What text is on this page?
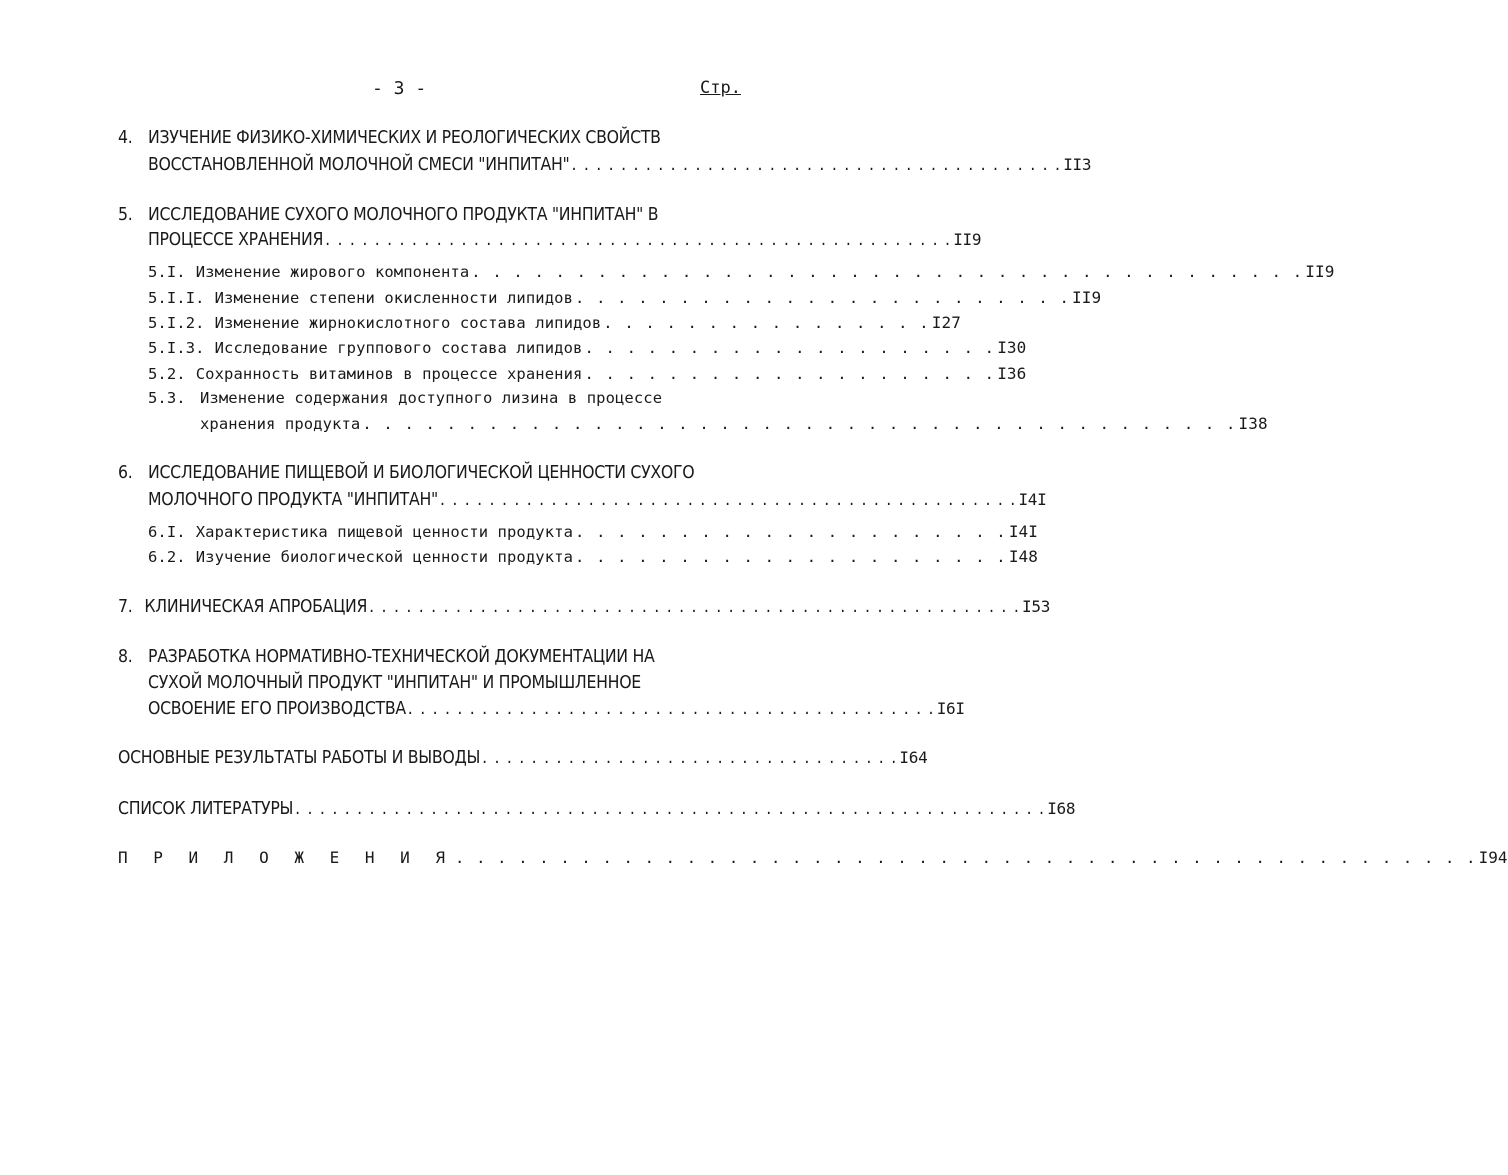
- 3 -	Стр.
4. ИЗУЧЕНИЕ ФИЗИКО-ХИМИЧЕСКИХ И РЕОЛОГИЧЕСКИХ СВОЙСТВ
ВОССТАНОВЛЕННОЙ МОЛОЧНОЙ СМЕСИ "ИНПИТАН" . . . . . . . . . . . . . . . . . . . . . . . . . . . . . . . . . . . . . . . . II3
5. ИССЛЕДОВАНИЕ СУХОГО МОЛОЧНОГО ПРОДУКТА "ИНПИТАН" В
ПРОЦЕССЕ ХРАНЕНИЯ . . . . . . . . . . . . . . . . . . . . . . . . . . . . . . . . . . . . . . . . . . . . . . . . . . . II9
5.I. Изменение жирового компонента . . . . . . . . . . . . . . . . . . . . . . . . . . . . . . . . . . . . . . . . II9
5.I.I. Изменение степени окисленности липидов . . . . . . . . . . . . . . . . . . . . . . . . II9
5.I.2. Изменение жирнокислотного состава липидов . . . . . . . . . . . . . . . . I27
5.I.3. Исследование группового состава липидов . . . . . . . . . . . . . . . . . . . . I30
5.2. Сохранность витаминов в процессе хранения . . . . . . . . . . . . . . . . . . . . I36
5.3. Изменение содержания доступного лизина в процессе
хранения продукта . . . . . . . . . . . . . . . . . . . . . . . . . . . . . . . . . . . . . . . . . . I38
6. ИССЛЕДОВАНИЕ ПИЩЕВОЙ И БИОЛОГИЧЕСКОЙ ЦЕННОСТИ СУХОГО
МОЛОЧНОГО ПРОДУКТА "ИНПИТАН" . . . . . . . . . . . . . . . . . . . . . . . . . . . . . . . . . . . . . . . . . . . . . . . I4I
6.I. Характеристика пищевой ценности продукта . . . . . . . . . . . . . . . . . . . . . I4I
6.2. Изучение биологической ценности продукта . . . . . . . . . . . . . . . . . . . . . I48
7. КЛИНИЧЕСКАЯ АПРОБАЦИЯ . . . . . . . . . . . . . . . . . . . . . . . . . . . . . . . . . . . . . . . . . . . . . . . . . . . . . I53
8. РАЗРАБОТКА НОРМАТИВНО-ТЕХНИЧЕСКОЙ ДОКУМЕНТАЦИИ НА
СУХОЙ МОЛОЧНЫЙ ПРОДУКТ "ИНПИТАН" И ПРОМЫШЛЕННОЕ
ОСВОЕНИЕ ЕГО ПРОИЗВОДСТВА . . . . . . . . . . . . . . . . . . . . . . . . . . . . . . . . . . . . . . . . . . . I6I
ОСНОВНЫЕ РЕЗУЛЬТАТЫ РАБОТЫ И ВЫВОДЫ . . . . . . . . . . . . . . . . . . . . . . . . . . . . . . . . . . I64
СПИСОК ЛИТЕРАТУРЫ . . . . . . . . . . . . . . . . . . . . . . . . . . . . . . . . . . . . . . . . . . . . . . . . . . . . . . . . . . . . . I68
П Р И Л О Ж Е Н И Я . . . . . . . . . . . . . . . . . . . . . . . . . . . . . . . . . . . . . . . . . . . . . . . . . I94
